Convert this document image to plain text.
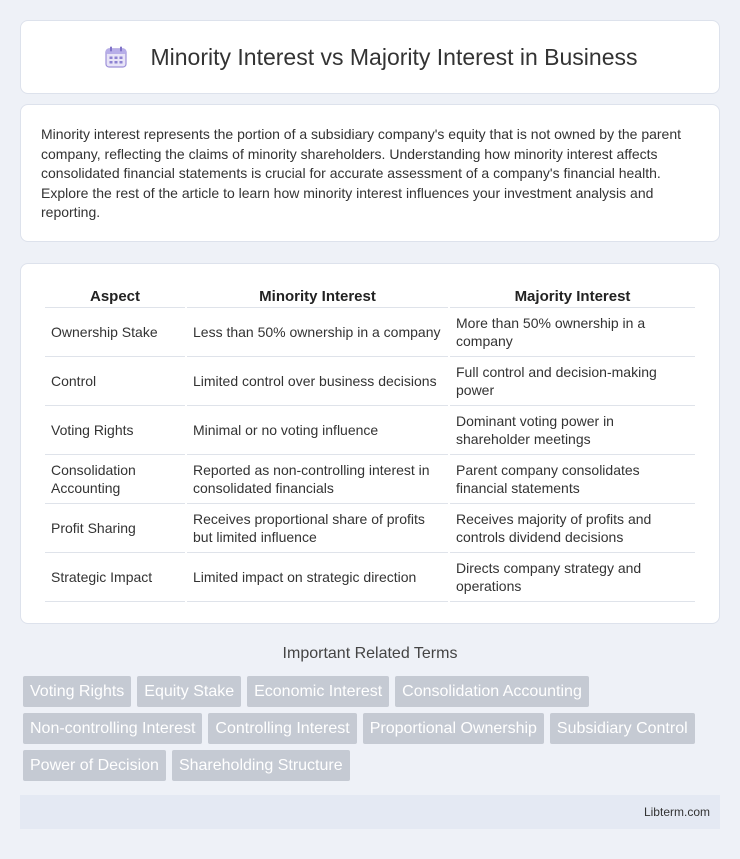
Minority Interest vs Majority Interest in Business

Minority interest represents the portion of a subsidiary company's equity that is not owned by the parent company, reflecting the claims of minority shareholders. Understanding how minority interest affects consolidated financial statements is crucial for accurate assessment of a company's financial health. Explore the rest of the article to learn how minority interest influences your investment analysis and reporting.

Aspect	Minority Interest	Majority Interest
Ownership Stake	Less than 50% ownership in a company	More than 50% ownership in a company
Control	Limited control over business decisions	Full control and decision-making power
Voting Rights	Minimal or no voting influence	Dominant voting power in shareholder meetings
Consolidation Accounting	Reported as non-controlling interest in consolidated financials	Parent company consolidates financial statements
Profit Sharing	Receives proportional share of profits but limited influence	Receives majority of profits and controls dividend decisions
Strategic Impact	Limited impact on strategic direction	Directs company strategy and operations
Important Related Terms
Voting Rights	Equity Stake	Economic Interest	Consolidation Accounting
Non-controlling Interest	Controlling Interest	Proportional Ownership	Subsidiary Control
Power of Decision	Shareholding Structure
Libterm.com
